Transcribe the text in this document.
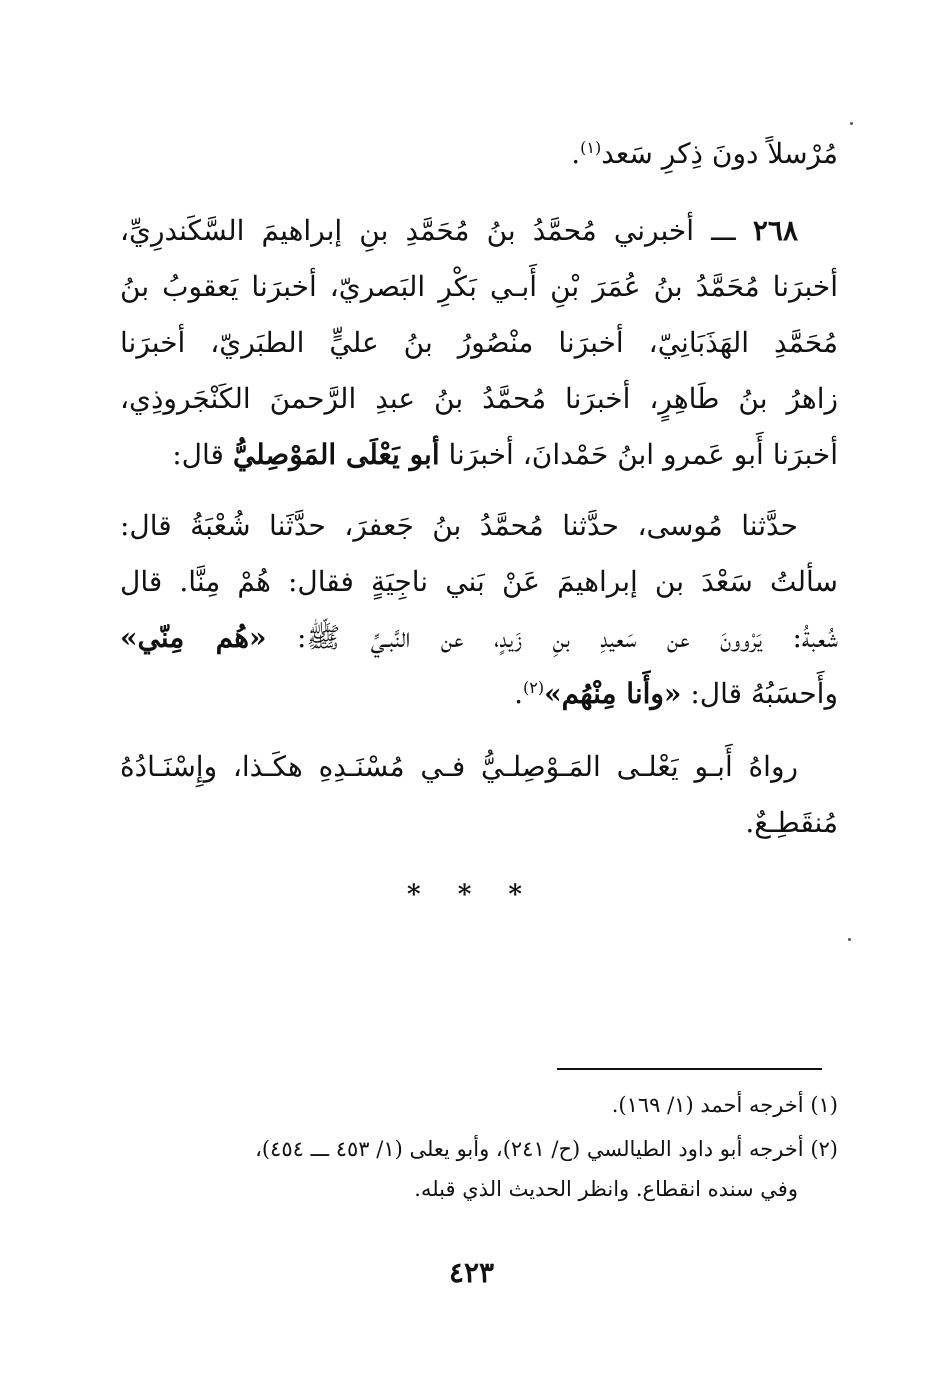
مُرْسلاً دونَ ذِكرِ سَعد$^{(١)}$.

٢٦٨ ـــ أخبرني مُحمَّدُ بنُ مُحَمَّدِ بنِ إبراهيمَ السَّكَندرِيِّ،
أخبرَنا مُحَمَّدُ بنُ عُمَرَ بْنِ أَبـي بَكْرِ البَصريّ، أخبرَنا يَعقوبُ بنُ
مُحَمَّدِ الهَذَبَانِيّ، أخبرَنا منْصُورُ بنُ عليٍّ الطبَريّ، أخبرَنا
زاهرُ بنُ طَاهِرٍ، أخبرَنا مُحمَّدُ بنُ عبدِ الرَّحمنَ الكَنْجَروذِي،
أخبرَنا أَبو عَمرو ابنُ حَمْدانَ، أخبرَنا أبو يَعْلَى المَوْصِليُّ قال:

حدَّثنا مُوسى، حدَّثنا مُحمَّدُ بنُ جَعفرَ، حدَّثَنا شُعْبَةُ قال:
سألتُ سَعْدَ بن إبراهيمَ عَنْ بَني ناجِيَةٍ فقال: هُمْ مِنَّا. قال
شُعبةُ: يَرْوونَ عن سَعيدِ بنِ زَيدٍ، عن النَّبـيِّ ﷺ: «هُم مِنّي»
وأَحسَبُهُ قال: «وأَنا مِنْهُم»$^{(٢)}$.

رواهُ أَبـو يَعْلـى المَـوْصِلـيُّ فـي مُسْنَـدِهِ هكَـذا، وإِسْنَـادُهُ
مُنقَطِـعٌ.

* * *
(١) أخرجه أحمد (١/ ١٦٩).
(٢) أخرجه أبو داود الطيالسي (ح/ ٢٤١)، وأبو يعلى (١/ ٤٥٣ ـــ ٤٥٤)،
وفي سنده انقطاع. وانظر الحديث الذي قبله.
٤٢٣
